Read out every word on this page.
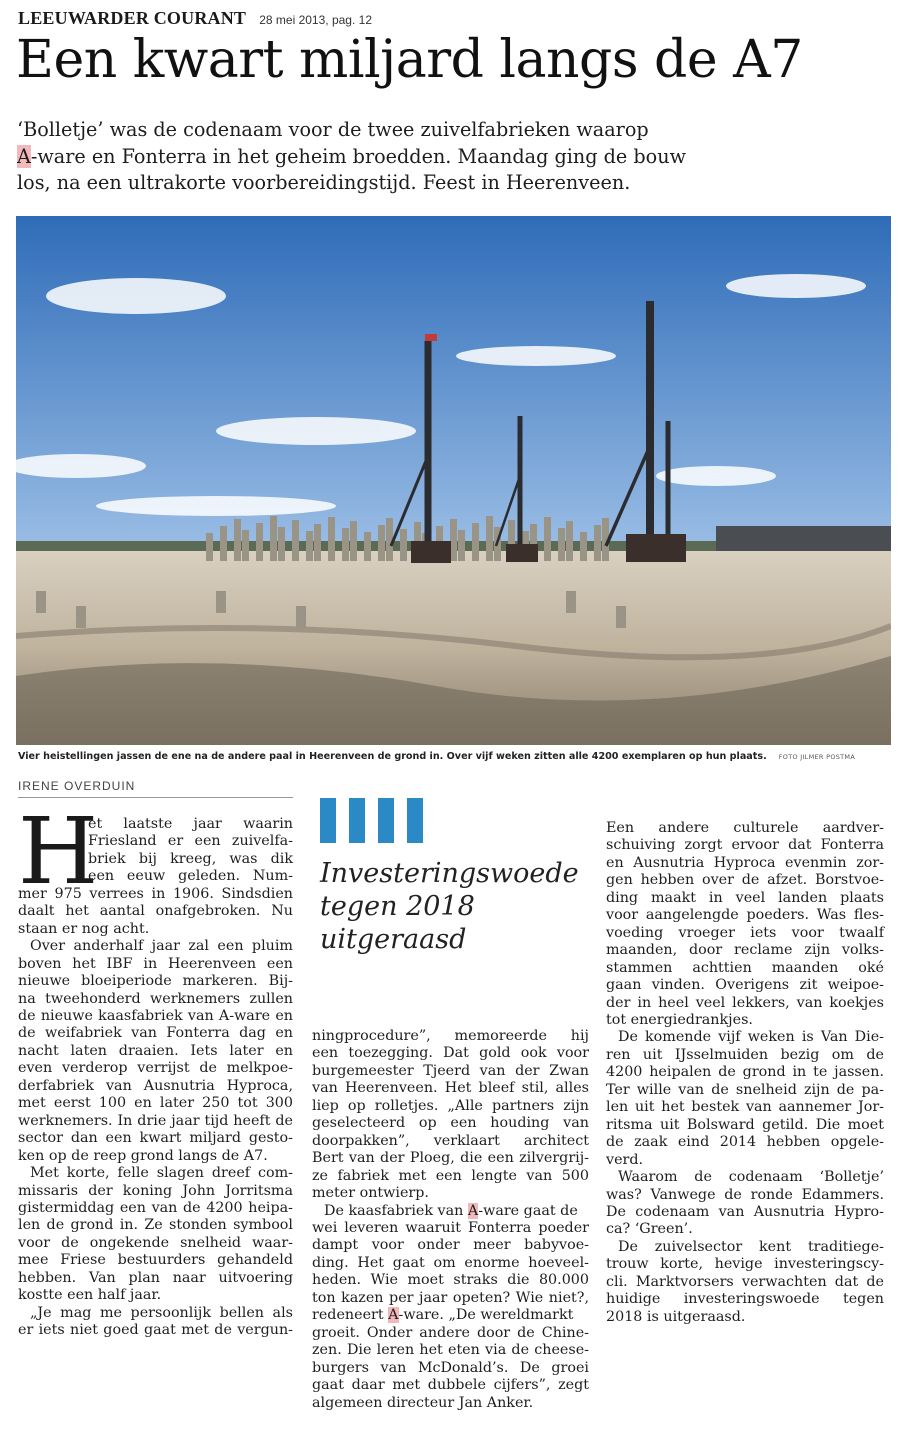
LEEUWARDER COURANT 28 mei 2013, pag. 12
Een kwart miljard langs de A7
‘Bolletje’ was de codenaam voor de twee zuivelfabrieken waarop
A-ware en Fonterra in het geheim broedden. Maandag ging de bouw
los, na een ultrakorte voorbereidingstijd. Feest in Heerenveen.
Vier heistellingen jassen de ene na de andere paal in Heerenveen de grond in. Over vijf weken zitten alle 4200 exemplaren op hun plaats. FOTO JILMER POSTMA
IRENE OVERDUIN
H
et laatste jaar waarin
Friesland er een zuivelfa-
briek bij kreeg, was dik
een eeuw geleden. Num-
mer 975 verrees in 1906. Sindsdien
daalt het aantal onafgebroken. Nu
staan er nog acht.
Over anderhalf jaar zal een pluim
boven het IBF in Heerenveen een
nieuwe bloeiperiode markeren. Bij-
na tweehonderd werknemers zullen
de nieuwe kaasfabriek van A-ware en
de weifabriek van Fonterra dag en
nacht laten draaien. Iets later en
even verderop verrijst de melkpoe-
derfabriek van Ausnutria Hyproca,
met eerst 100 en later 250 tot 300
werknemers. In drie jaar tijd heeft de
sector dan een kwart miljard gesto-
ken op de reep grond langs de A7.
Met korte, felle slagen dreef com-
missaris der koning John Jorritsma
gistermiddag een van de 4200 heipa-
len de grond in. Ze stonden symbool
voor de ongekende snelheid waar-
mee Friese bestuurders gehandeld
hebben. Van plan naar uitvoering
kostte een half jaar.
„Je mag me persoonlijk bellen als
er iets niet goed gaat met de vergun-
Investeringswoede
tegen 2018
uitgeraasd
ningprocedure”, memoreerde hij
een toezegging. Dat gold ook voor
burgemeester Tjeerd van der Zwan
van Heerenveen. Het bleef stil, alles
liep op rolletjes. „Alle partners zijn
geselecteerd op een houding van
doorpakken”, verklaart architect
Bert van der Ploeg, die een zilvergrij-
ze fabriek met een lengte van 500
meter ontwierp.
De kaasfabriek van A-ware gaat de
wei leveren waaruit Fonterra poeder
dampt voor onder meer babyvoe-
ding. Het gaat om enorme hoeveel-
heden. Wie moet straks die 80.000
ton kazen per jaar opeten? Wie niet?,
redeneert A-ware. „De wereldmarkt
groeit. Onder andere door de Chine-
zen. Die leren het eten via de cheese-
burgers van McDonald’s. De groei
gaat daar met dubbele cijfers”, zegt
algemeen directeur Jan Anker.
Een andere culturele aardver-
schuiving zorgt ervoor dat Fonterra
en Ausnutria Hyproca evenmin zor-
gen hebben over de afzet. Borstvoe-
ding maakt in veel landen plaats
voor aangelengde poeders. Was fles-
voeding vroeger iets voor twaalf
maanden, door reclame zijn volks-
stammen achttien maanden oké
gaan vinden. Overigens zit weipoe-
der in heel veel lekkers, van koekjes
tot energiedrankjes.
De komende vijf weken is Van Die-
ren uit IJsselmuiden bezig om de
4200 heipalen de grond in te jassen.
Ter wille van de snelheid zijn de pa-
len uit het bestek van aannemer Jor-
ritsma uit Bolsward getild. Die moet
de zaak eind 2014 hebben opgele-
verd.
Waarom de codenaam ‘Bolletje’
was? Vanwege de ronde Edammers.
De codenaam van Ausnutria Hypro-
ca? ‘Green’.
De zuivelsector kent traditiege-
trouw korte, hevige investeringscy-
cli. Marktvorsers verwachten dat de
huidige investeringswoede tegen
2018 is uitgeraasd.
